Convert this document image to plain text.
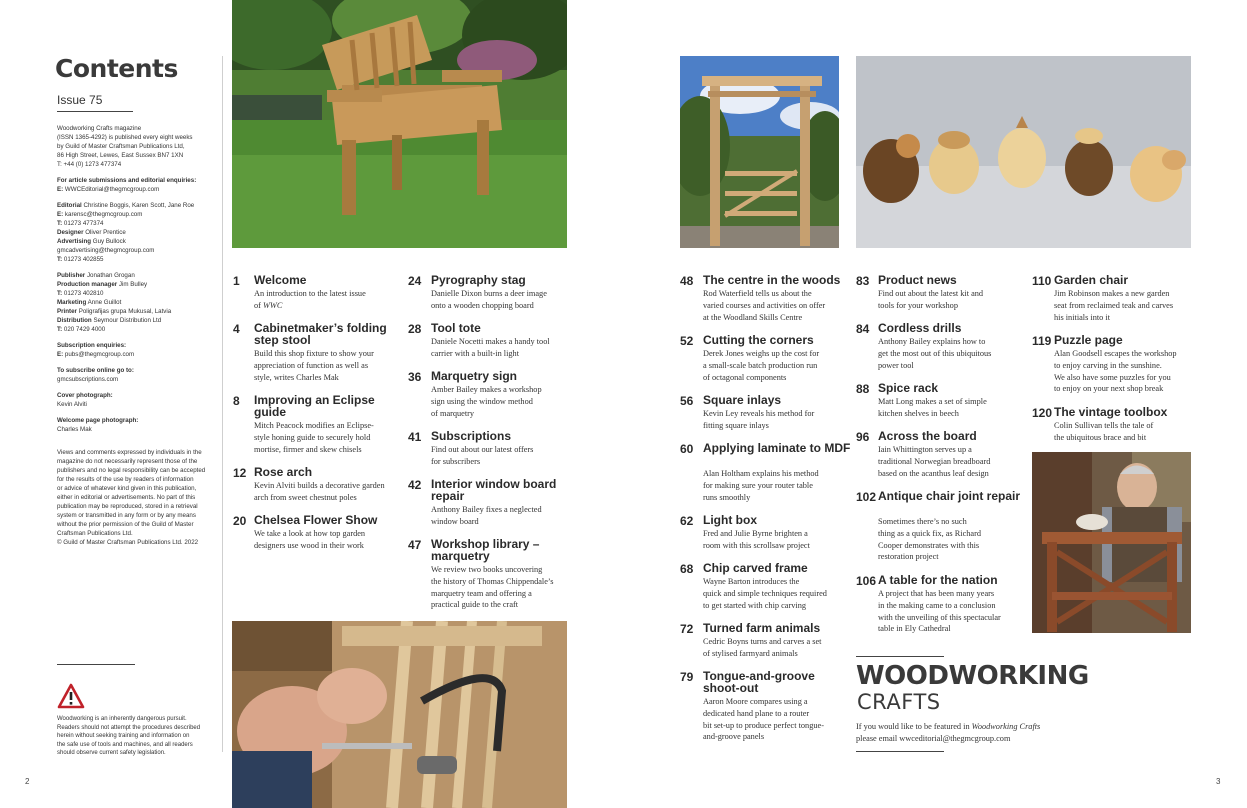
Contents
Issue 75

Woodworking Crafts magazine
(ISSN 1365-4292) is published every eight weeks
by Guild of Master Craftsman Publications Ltd,
86 High Street, Lewes, East Sussex BN7 1XN
T: +44 (0) 1273 477374

For article submissions and editorial enquiries:
E: WWCEditorial@thegmcgroup.com

Editorial Christine Boggis, Karen Scott, Jane Roe
E: karensc@thegmcgroup.com
T: 01273 477374
Designer Oliver Prentice
Advertising Guy Bullock
gmcadvertising@thegmcgroup.com
T: 01273 402855

Publisher Jonathan Grogan
Production manager Jim Bulley
T: 01273 402810
Marketing Anne Guillot
Printer Poligrafijas grupa Mukusal, Latvia
Distribution Seymour Distribution Ltd
T: 020 7429 4000

Subscription enquiries:
E: pubs@thegmcgroup.com

To subscribe online go to:
gmcsubscriptions.com

Cover photograph:
Kevin Alviti

Welcome page photograph:
Charles Mak

Views and comments expressed by individuals in the
magazine do not necessarily represent those of the
publishers and no legal responsibility can be accepted
for the results of the use by readers of information
or advice of whatever kind given in this publication,
either in editorial or advertisements. No part of this
publication may be reproduced, stored in a retrieval
system or transmitted in any form or by any means
without the prior permission of the Guild of Master
Craftsman Publications Ltd.
© Guild of Master Craftsman Publications Ltd. 2022

Woodworking is an inherently dangerous pursuit.
Readers should not attempt the procedures described
herein without seeking training and information on
the safe use of tools and machines, and all readers
should observe current safety legislation.
2
1 Welcome
An introduction to the latest issue
of WWC
4 Cabinetmaker’s folding step stool
Build this shop fixture to show your
appreciation of function as well as
style, writes Charles Mak
8 Improving an Eclipse guide
Mitch Peacock modifies an Eclipse-
style honing guide to securely hold
mortise, firmer and skew chisels
12 Rose arch
Kevin Alviti builds a decorative garden
arch from sweet chestnut poles
20 Chelsea Flower Show
We take a look at how top garden
designers use wood in their work
24 Pyrography stag
Danielle Dixon burns a deer image
onto a wooden chopping board
28 Tool tote
Daniele Nocetti makes a handy tool
carrier with a built-in light
36 Marquetry sign
Amber Bailey makes a workshop
sign using the window method
of marquetry
41 Subscriptions
Find out about our latest offers
for subscribers
42 Interior window board repair
Anthony Bailey fixes a neglected
window board
47 Workshop library – marquetry
We review two books uncovering
the history of Thomas Chippendale’s
marquetry team and offering a
practical guide to the craft
48 The centre in the woods
Rod Waterfield tells us about the
varied courses and activities on offer
at the Woodland Skills Centre
52 Cutting the corners
Derek Jones weighs up the cost for
a small-scale batch production run
of octagonal components
56 Square inlays
Kevin Ley reveals his method for
fitting square inlays
60 Applying laminate to MDF
Alan Holtham explains his method
for making sure your router table
runs smoothly
62 Light box
Fred and Julie Byrne brighten a
room with this scrollsaw project
68 Chip carved frame
Wayne Barton introduces the
quick and simple techniques required
to get started with chip carving
72 Turned farm animals
Cedric Boyns turns and carves a set
of stylised farmyard animals
79 Tongue-and-groove shoot-out
Aaron Moore compares using a
dedicated hand plane to a router
bit set-up to produce perfect tongue-
and-groove panels
83 Product news
Find out about the latest kit and
tools for your workshop
84 Cordless drills
Anthony Bailey explains how to
get the most out of this ubiquitous
power tool
88 Spice rack
Matt Long makes a set of simple
kitchen shelves in beech
96 Across the board
Iain Whittington serves up a
traditional Norwegian breadboard
based on the acanthus leaf design
102 Antique chair joint repair
Sometimes there’s no such
thing as a quick fix, as Richard
Cooper demonstrates with this
restoration project
106 A table for the nation
A project that has been many years
in the making came to a conclusion
with the unveiling of this spectacular
table in Ely Cathedral
110 Garden chair
Jim Robinson makes a new garden
seat from reclaimed teak and carves
his initials into it
119 Puzzle page
Alan Goodsell escapes the workshop
to enjoy carving in the sunshine.
We also have some puzzles for you
to enjoy on your next shop break
120 The vintage toolbox
Colin Sullivan tells the tale of
the ubiquitous brace and bit
WOODWORKING
CRAFTS
If you would like to be featured in Woodworking Crafts
please email wwceditorial@thegmcgroup.com
3
